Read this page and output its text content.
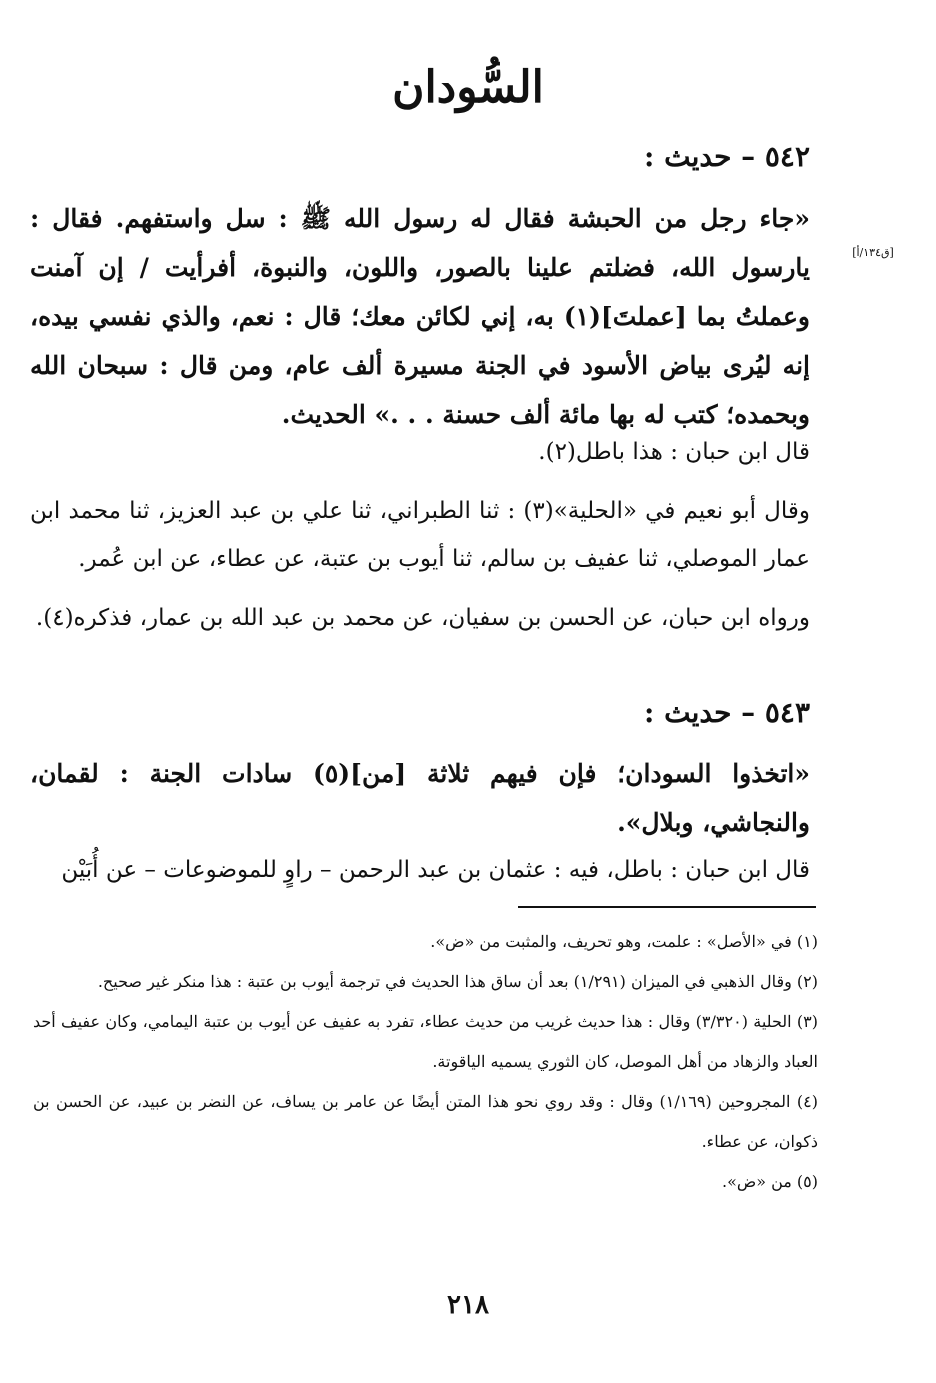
السُّودان
٥٤٢ – حديث :
«جاء رجل من الحبشة فقال له رسول الله ﷺ : سل واستفهم. فقال : يارسول الله، فضلتم علينا بالصور، واللون، والنبوة، أفرأيت / إن آمنت وعملتُ بما [عملتَ](١) به، إني لكائن معك؛ قال : نعم، والذي نفسي بيده، إنه ليُرى بياض الأسود في الجنة مسيرة ألف عام، ومن قال : سبحان الله وبحمده؛ كتب له بها مائة ألف حسنة . . .» الحديث.
[ق١٣٤/أ]
قال ابن حبان : هذا باطل(٢).
وقال أبو نعيم في «الحلية»(٣) : ثنا الطبراني، ثنا علي بن عبد العزيز، ثنا محمد ابن عمار الموصلي، ثنا عفيف بن سالم، ثنا أيوب بن عتبة، عن عطاء، عن ابن عُمر.
ورواه ابن حبان، عن الحسن بن سفيان، عن محمد بن عبد الله بن عمار، فذكره(٤).
٥٤٣ – حديث :
«اتخذوا السودان؛ فإن فيهم ثلاثة [من](٥) سادات الجنة : لقمان، والنجاشي، وبلال».
قال ابن حبان : باطل، فيه : عثمان بن عبد الرحمن – راوٍ للموضوعات – عن أُبَيْن

(١) في «الأصل» : علمت، وهو تحريف، والمثبت من «ض».

(٢) وقال الذهبي في الميزان (١/٢٩١) بعد أن ساق هذا الحديث في ترجمة أيوب بن عتبة : هذا منكر غير صحيح.

(٣) الحلية (٣/٣٢٠) وقال : هذا حديث غريب من حديث عطاء، تفرد به عفيف عن أيوب بن عتبة اليمامي، وكان عفيف أحد العباد والزهاد من أهل الموصل، كان الثوري يسميه الياقوتة.

(٤) المجروحين (١/١٦٩) وقال : وقد روي نحو هذا المتن أيضًا عن عامر بن يساف، عن النضر بن عبيد، عن الحسن بن ذكوان، عن عطاء.

(٥) من «ض».

٢١٨
